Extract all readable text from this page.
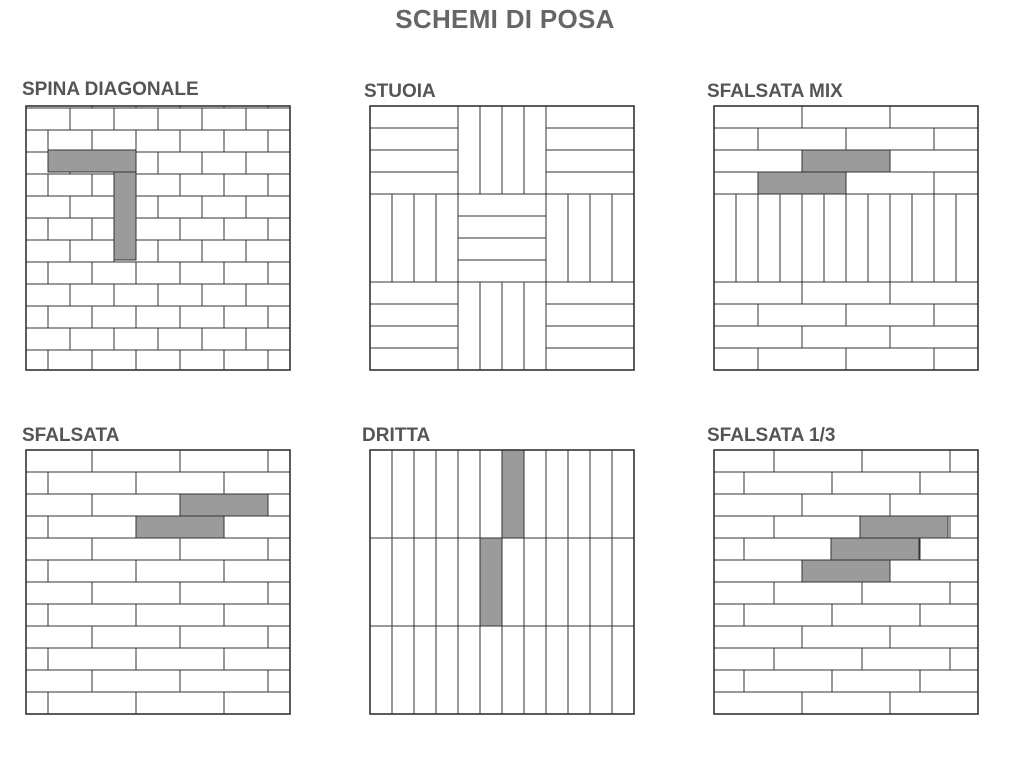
SCHEMI DI POSA
SPINA DIAGONALE	STUOIA	SFALSATA MIX
SFALSATA	DRITTA	SFALSATA 1/3
